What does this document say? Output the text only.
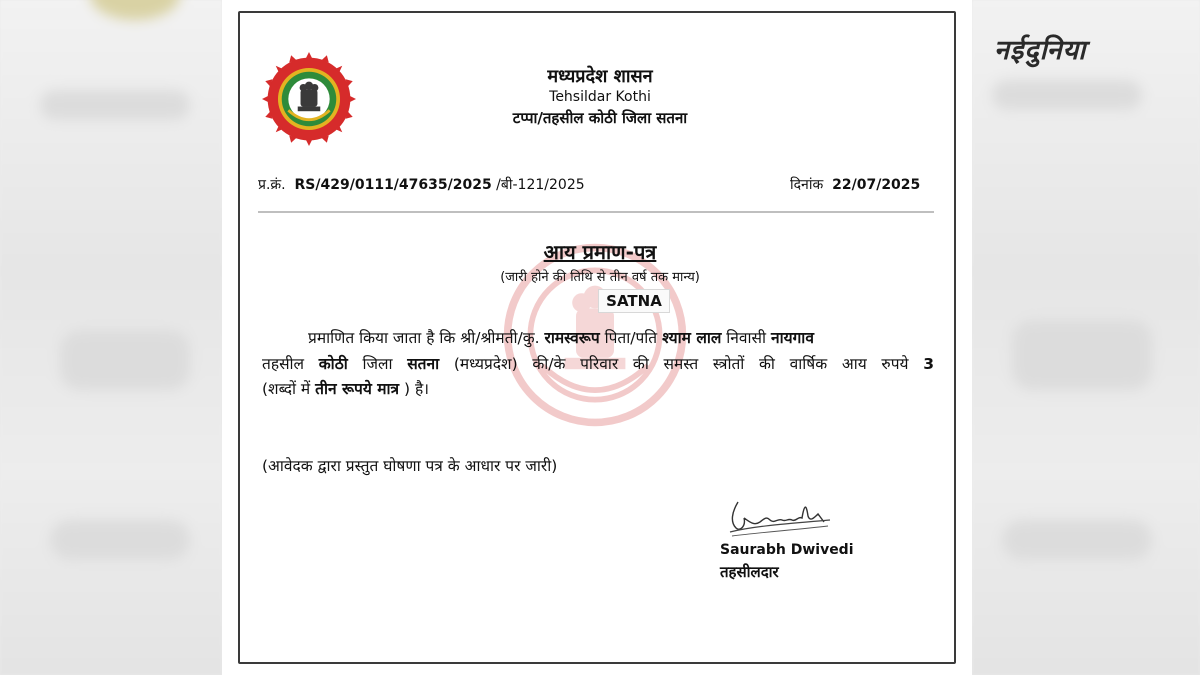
मध्यप्रदेश शासन
Tehsildar Kothi
टप्पा/तहसील कोठी जिला सतना
प्र.क्रं. RS/429/0111/47635/2025 /बी-121/2025	दिनांक 22/07/2025
आय प्रमाण-पत्र
(जारी होने की तिथि से तीन वर्ष तक मान्य)
SATNA
प्रमाणित किया जाता है कि श्री/श्रीमती/कु. रामस्वरूप पिता/पति श्याम लाल निवासी नायगाव
तहसील कोठी जिला सतना (मध्यप्रदेश) की/के परिवार की समस्त स्त्रोतों की वार्षिक आय रुपये 3
(शब्दों में तीन रूपये मात्र ) है।
(आवेदक द्वारा प्रस्तुत घोषणा पत्र के आधार पर जारी)
Saurabh Dwivedi
तहसीलदार
नईदुनिया
